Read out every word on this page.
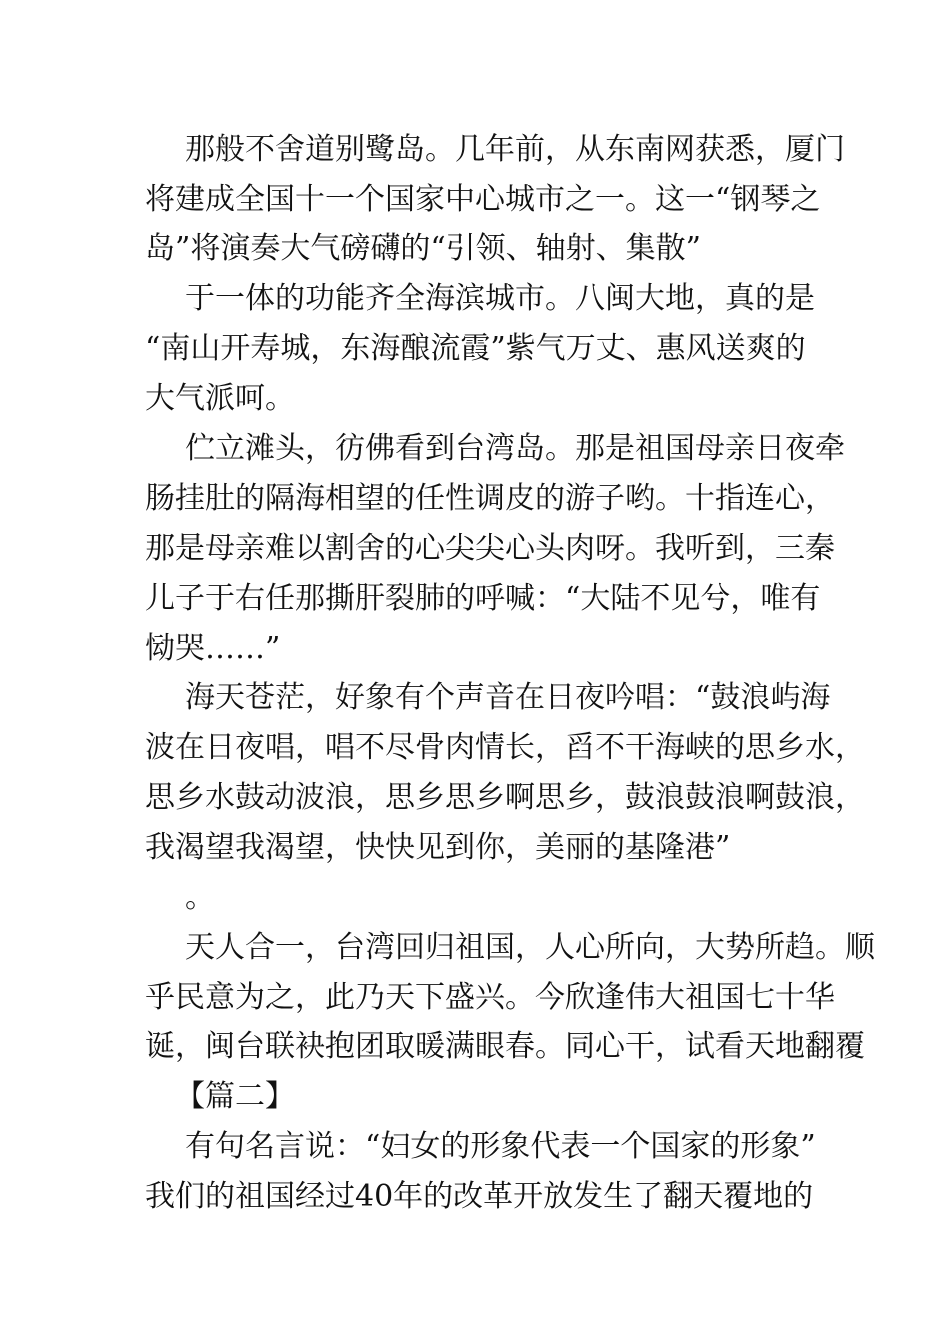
那般不舍道别鹭岛。几年前，从东南网获悉，厦门
将建成全国十一个国家中心城市之一。这一“钢琴之
岛”将演奏大气磅礴的“引领、轴射、集散”
于一体的功能齐全海滨城市。八闽大地，真的是
“南山开寿城，东海酿流霞”紫气万丈、惠风送爽的
大气派呵。
伫立滩头，彷佛看到台湾岛。那是祖国母亲日夜牵
肠挂肚的隔海相望的任性调皮的游子哟。十指连心，
那是母亲难以割舍的心尖尖心头肉呀。我听到，三秦
儿子于右任那撕肝裂肺的呼喊：“大陆不见兮，唯有
恸哭……”
海天苍茫，好象有个声音在日夜吟唱：“鼓浪屿海
波在日夜唱，唱不尽骨肉情长，舀不干海峡的思乡水，
思乡水鼓动波浪，思乡思乡啊思乡，鼓浪鼓浪啊鼓浪，
我渴望我渴望，快快见到你，美丽的基隆港”
。
天人合一，台湾回归祖国，人心所向，大势所趋。顺
乎民意为之，此乃天下盛兴。今欣逢伟大祖国七十华
诞，闽台联袂抱团取暖满眼春。同心干，试看天地翻覆
【篇二】
有句名言说：“妇女的形象代表一个国家的形象”
我们的祖国经过40年的改革开放发生了翻天覆地的
